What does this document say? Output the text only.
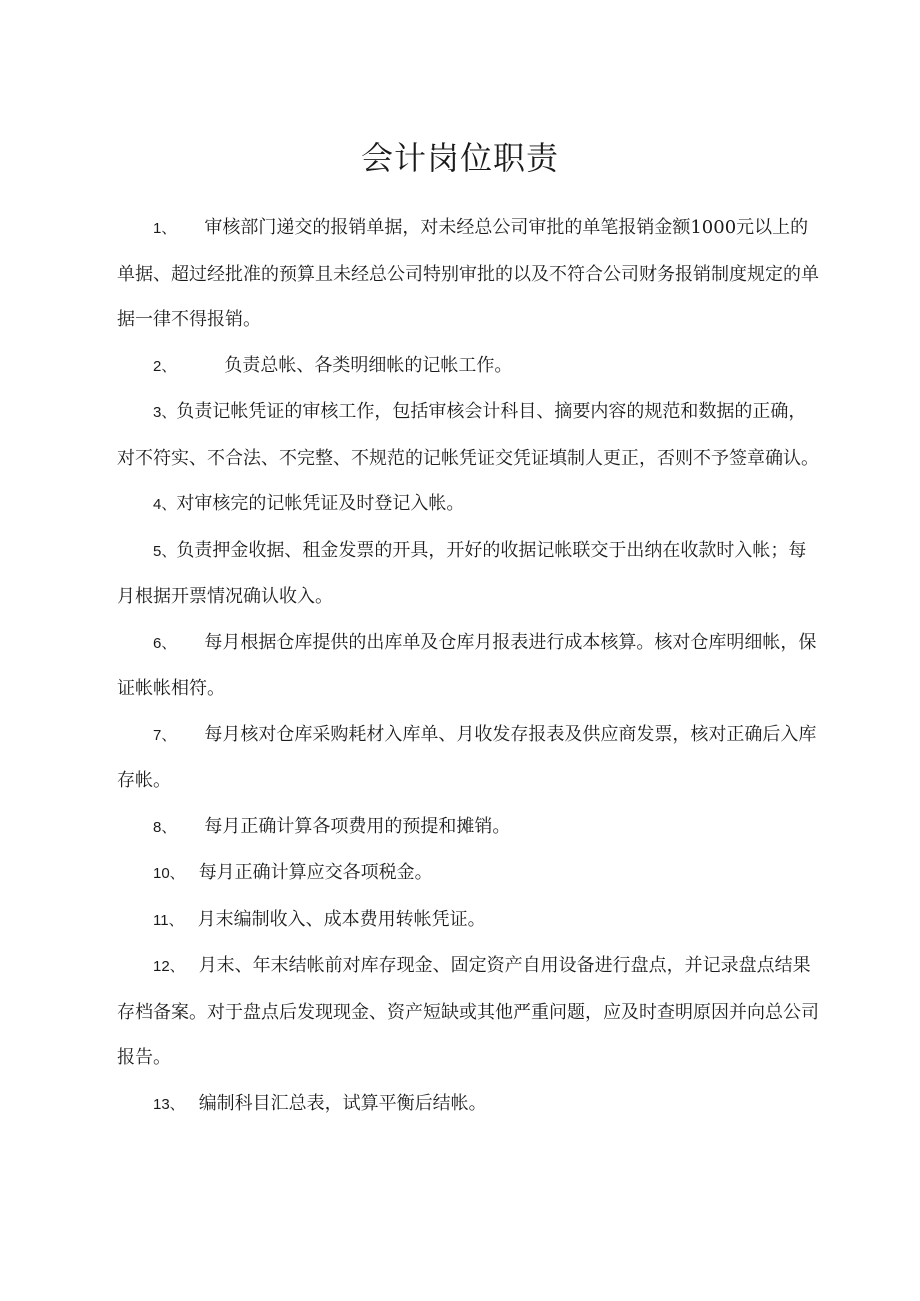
会计岗位职责

1、 审核部门递交的报销单据，对未经总公司审批的单笔报销金额1000元以上的单据、超过经批准的预算且未经总公司特别审批的以及不符合公司财务报销制度规定的单据一律不得报销。

2、	负责总帐、各类明细帐的记帐工作。

3、负责记帐凭证的审核工作，包括审核会计科目、摘要内容的规范和数据的正确，对不符实、不合法、不完整、不规范的记帐凭证交凭证填制人更正，否则不予签章确认。

4、对审核完的记帐凭证及时登记入帐。

5、负责押金收据、租金发票的开具，开好的收据记帐联交于出纳在收款时入帐；每月根据开票情况确认收入。

6、 每月根据仓库提供的出库单及仓库月报表进行成本核算。核对仓库明细帐，保证帐帐相符。

7、 每月核对仓库采购耗材入库单、月收发存报表及供应商发票，核对正确后入库存帐。

8、 每月正确计算各项费用的预提和摊销。

10、 每月正确计算应交各项税金。

11、 月末编制收入、成本费用转帐凭证。

12、 月末、年末结帐前对库存现金、固定资产自用设备进行盘点，并记录盘点结果存档备案。对于盘点后发现现金、资产短缺或其他严重问题，应及时查明原因并向总公司报告。

13、 编制科目汇总表，试算平衡后结帐。
